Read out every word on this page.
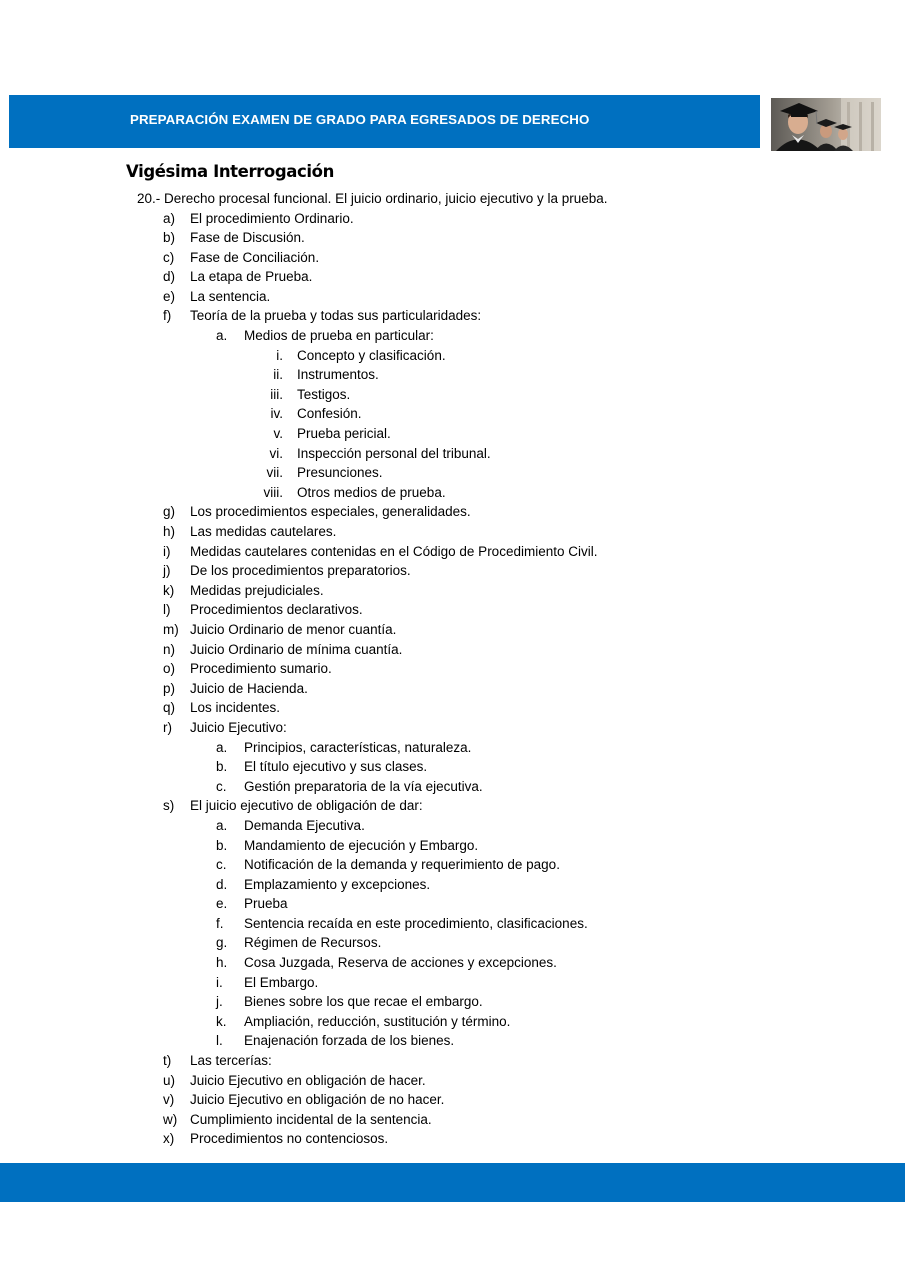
PREPARACIÓN EXAMEN DE GRADO PARA EGRESADOS DE DERECHO
Vigésima Interrogación
20.- Derecho procesal funcional. El juicio ordinario, juicio ejecutivo y la prueba.
a) El procedimiento Ordinario.
b) Fase de Discusión.
c) Fase de Conciliación.
d) La etapa de Prueba.
e) La sentencia.
f) Teoría de la prueba y todas sus particularidades:
a. Medios de prueba en particular:
i. Concepto y clasificación.
ii. Instrumentos.
iii. Testigos.
iv. Confesión.
v. Prueba pericial.
vi. Inspección personal del tribunal.
vii. Presunciones.
viii. Otros medios de prueba.
g) Los procedimientos especiales, generalidades.
h) Las medidas cautelares.
i) Medidas cautelares contenidas en el Código de Procedimiento Civil.
j) De los procedimientos preparatorios.
k) Medidas prejudiciales.
l) Procedimientos declarativos.
m) Juicio Ordinario de menor cuantía.
n) Juicio Ordinario de mínima cuantía.
o) Procedimiento sumario.
p) Juicio de Hacienda.
q) Los incidentes.
r) Juicio Ejecutivo:
a. Principios, características, naturaleza.
b. El título ejecutivo y sus clases.
c. Gestión preparatoria de la vía ejecutiva.
s) El juicio ejecutivo de obligación de dar:
a. Demanda Ejecutiva.
b. Mandamiento de ejecución y Embargo.
c. Notificación de la demanda y requerimiento de pago.
d. Emplazamiento y excepciones.
e. Prueba
f. Sentencia recaída en este procedimiento, clasificaciones.
g. Régimen de Recursos.
h. Cosa Juzgada, Reserva de acciones y excepciones.
i. El Embargo.
j. Bienes sobre los que recae el embargo.
k. Ampliación, reducción, sustitución y término.
l. Enajenación forzada de los bienes.
t) Las tercerías:
u) Juicio Ejecutivo en obligación de hacer.
v) Juicio Ejecutivo en obligación de no hacer.
w) Cumplimiento incidental de la sentencia.
x) Procedimientos no contenciosos.
